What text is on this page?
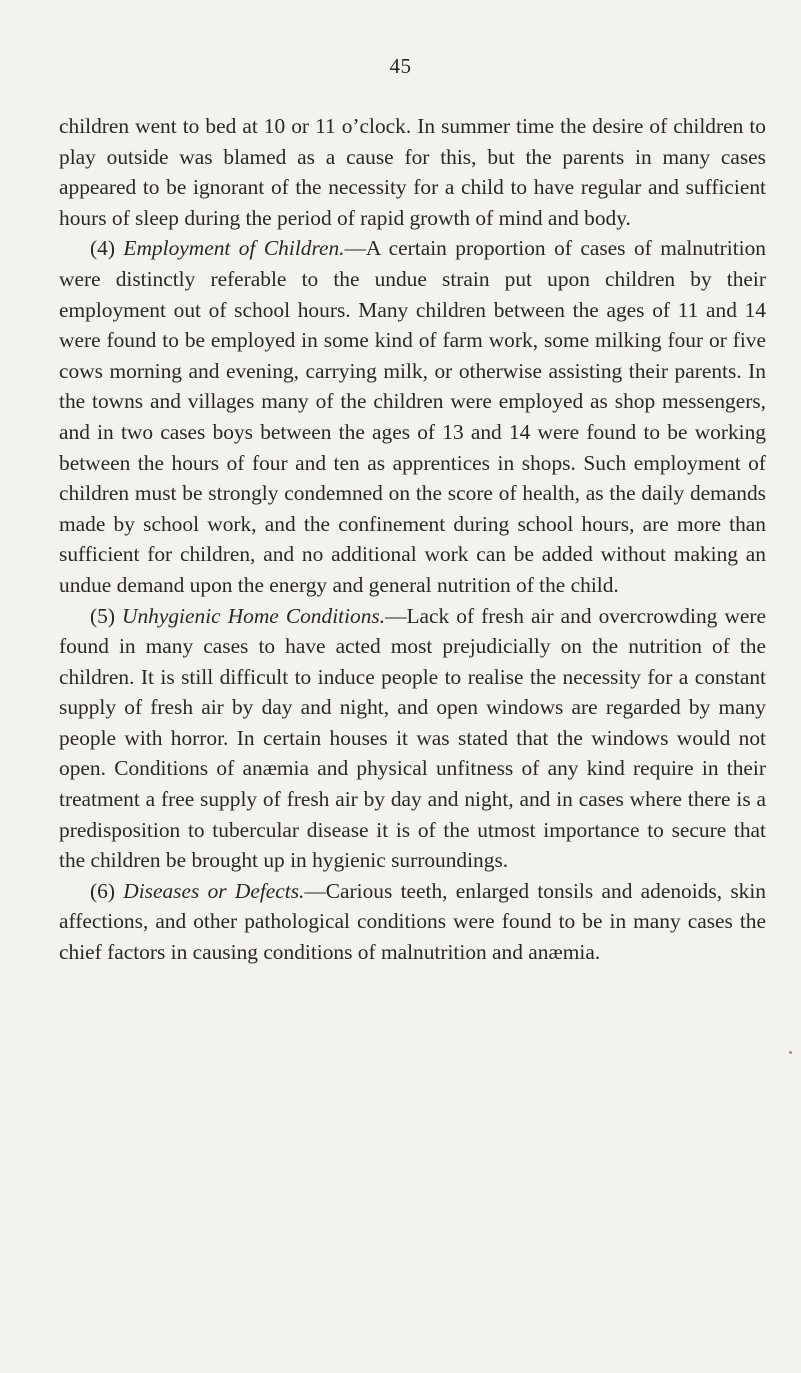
45

children went to bed at 10 or 11 o’clock. In summer time the desire of children to play outside was blamed as a cause for this, but the parents in many cases appeared to be ignorant of the necessity for a child to have regular and sufficient hours of sleep during the period of rapid growth of mind and body.

(4) Employment of Children.—A certain proportion of cases of malnutrition were distinctly referable to the undue strain put upon children by their employment out of school hours. Many children between the ages of 11 and 14 were found to be employed in some kind of farm work, some milking four or five cows morning and evening, carrying milk, or otherwise assisting their parents. In the towns and villages many of the children were employed as shop messengers, and in two cases boys between the ages of 13 and 14 were found to be working between the hours of four and ten as apprentices in shops. Such employment of children must be strongly condemned on the score of health, as the daily demands made by school work, and the confinement during school hours, are more than sufficient for children, and no additional work can be added without making an undue demand upon the energy and general nutrition of the child.

(5) Unhygienic Home Conditions.—Lack of fresh air and overcrowding were found in many cases to have acted most prejudicially on the nutrition of the children. It is still difficult to induce people to realise the necessity for a constant supply of fresh air by day and night, and open windows are regarded by many people with horror. In certain houses it was stated that the windows would not open. Conditions of anæmia and physical unfitness of any kind require in their treatment a free supply of fresh air by day and night, and in cases where there is a predisposition to tubercular disease it is of the utmost importance to secure that the children be brought up in hygienic surroundings.

(6) Diseases or Defects.—Carious teeth, enlarged tonsils and adenoids, skin affections, and other pathological conditions were found to be in many cases the chief factors in causing conditions of malnutrition and anæmia.
